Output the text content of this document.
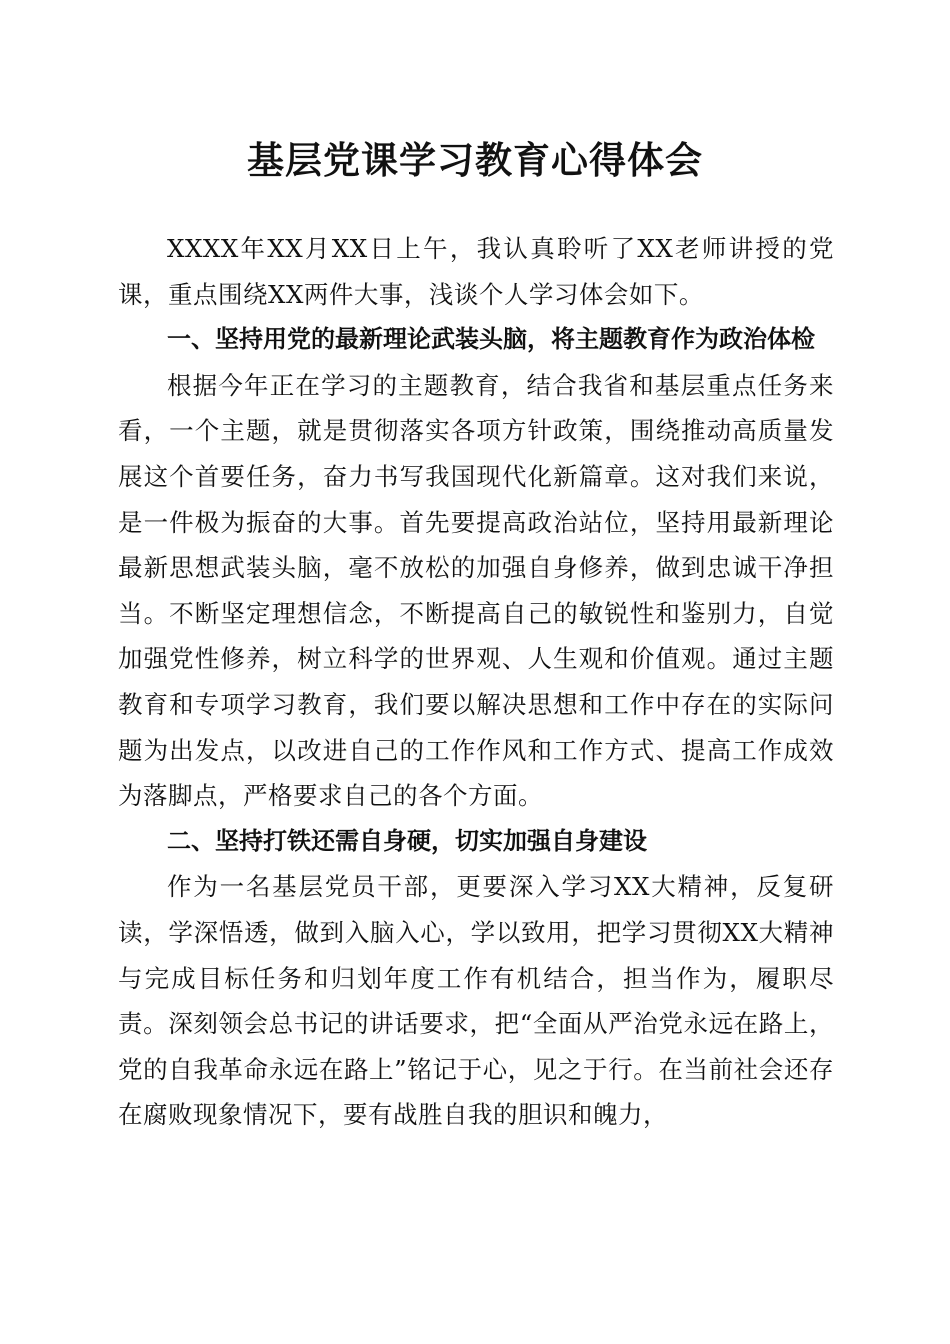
基层党课学习教育心得体会

XXXX年XX月XX日上午，我认真聆听了XX老师讲授的党课，重点围绕XX两件大事，浅谈个人学习体会如下。

一、坚持用党的最新理论武装头脑，将主题教育作为政治体检

根据今年正在学习的主题教育，结合我省和基层重点任务来看，一个主题，就是贯彻落实各项方针政策，围绕推动高质量发展这个首要任务，奋力书写我国现代化新篇章。这对我们来说，是一件极为振奋的大事。首先要提高政治站位，坚持用最新理论最新思想武装头脑，毫不放松的加强自身修养，做到忠诚干净担当。不断坚定理想信念，不断提高自己的敏锐性和鉴别力，自觉加强党性修养，树立科学的世界观、人生观和价值观。通过主题教育和专项学习教育，我们要以解决思想和工作中存在的实际问题为出发点，以改进自己的工作作风和工作方式、提高工作成效为落脚点，严格要求自己的各个方面。

二、坚持打铁还需自身硬，切实加强自身建设

作为一名基层党员干部，更要深入学习XX大精神，反复研读，学深悟透，做到入脑入心，学以致用，把学习贯彻XX大精神与完成目标任务和归划年度工作有机结合，担当作为，履职尽责。深刻领会总书记的讲话要求，把“全面从严治党永远在路上，党的自我革命永远在路上”铭记于心，见之于行。在当前社会还存在腐败现象情况下，要有战胜自我的胆识和魄力，
